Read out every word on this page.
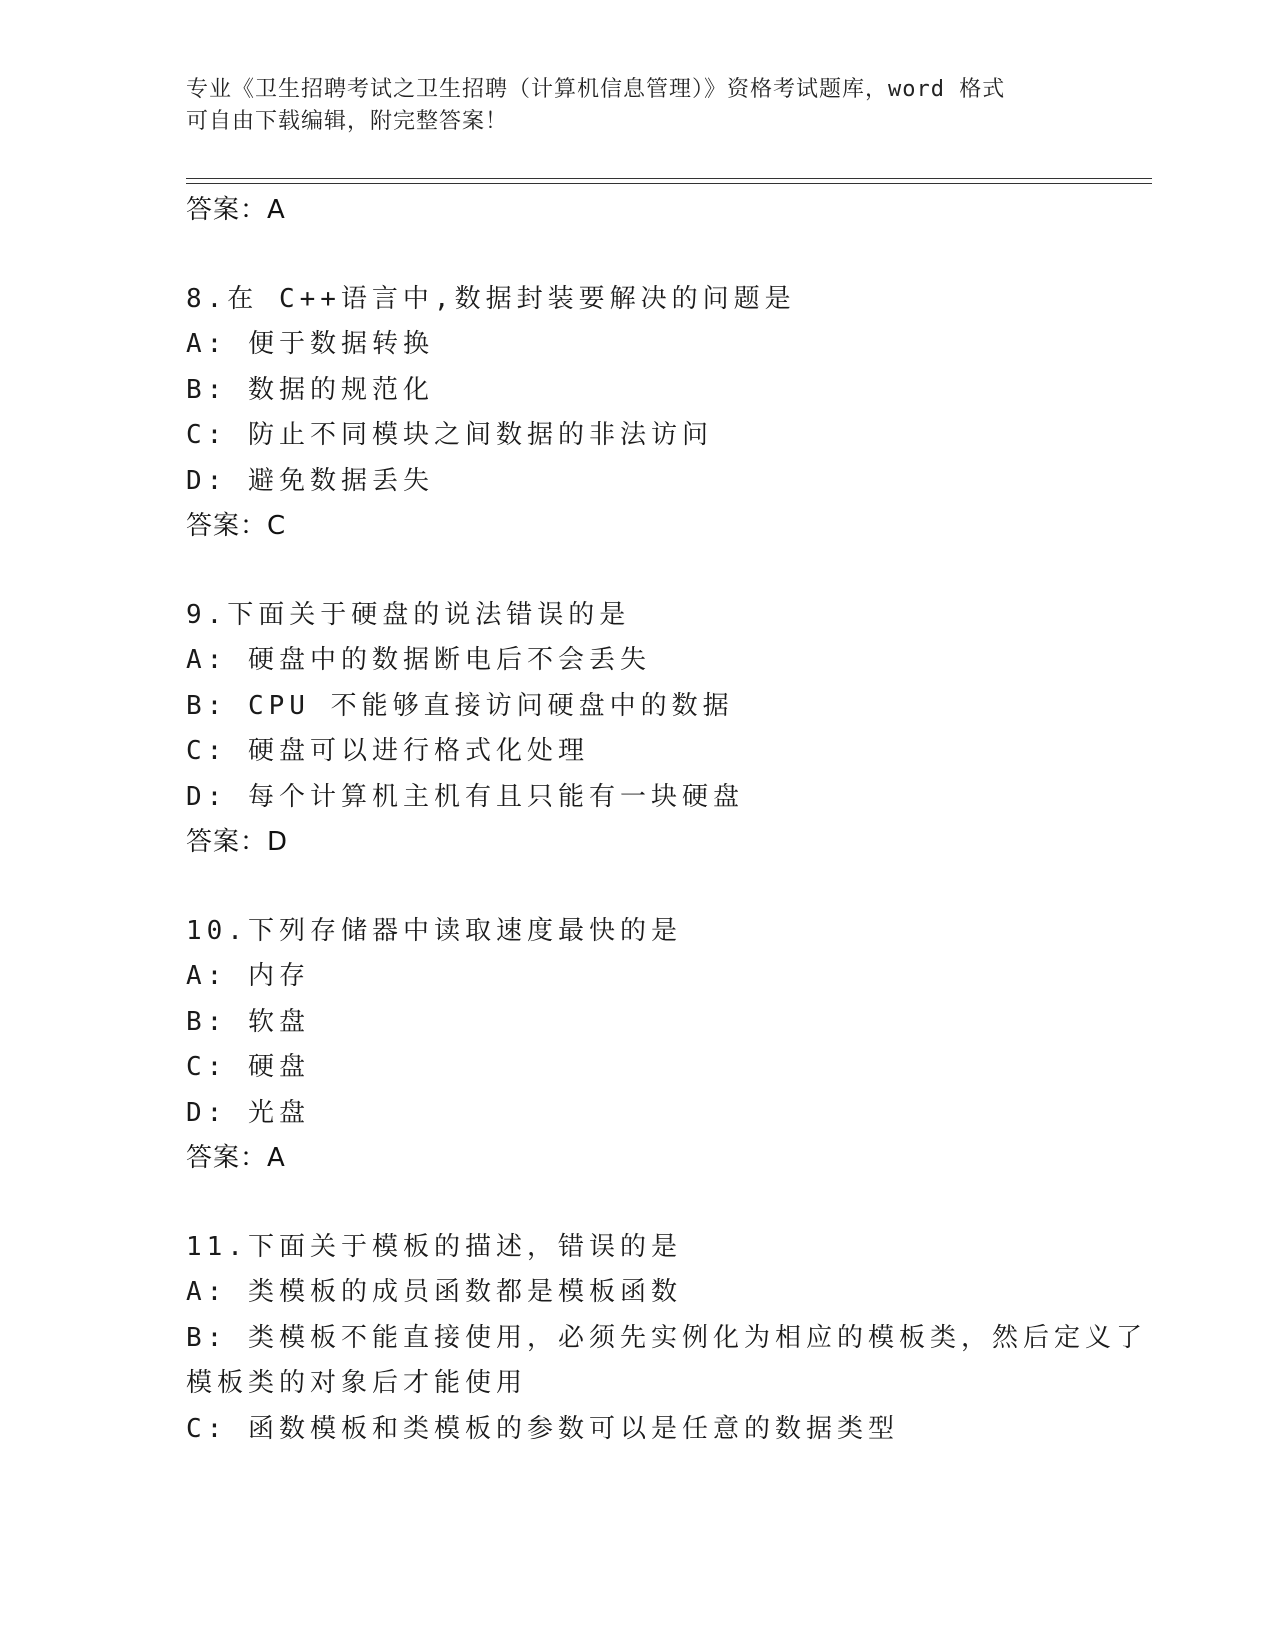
专业《卫生招聘考试之卫生招聘（计算机信息管理）》资格考试题库，word 格式
可自由下载编辑，附完整答案！
答案：A
8.在 C++语言中,数据封装要解决的问题是
A: 便于数据转换
B: 数据的规范化
C: 防止不同模块之间数据的非法访问
D: 避免数据丢失
答案：C
9.下面关于硬盘的说法错误的是
A: 硬盘中的数据断电后不会丢失
B: CPU 不能够直接访问硬盘中的数据
C: 硬盘可以进行格式化处理
D: 每个计算机主机有且只能有一块硬盘
答案：D
10.下列存储器中读取速度最快的是
A: 内存
B: 软盘
C: 硬盘
D: 光盘
答案：A
11.下面关于模板的描述，错误的是
A: 类模板的成员函数都是模板函数
B: 类模板不能直接使用，必须先实例化为相应的模板类，然后定义了
模板类的对象后才能使用
C: 函数模板和类模板的参数可以是任意的数据类型
